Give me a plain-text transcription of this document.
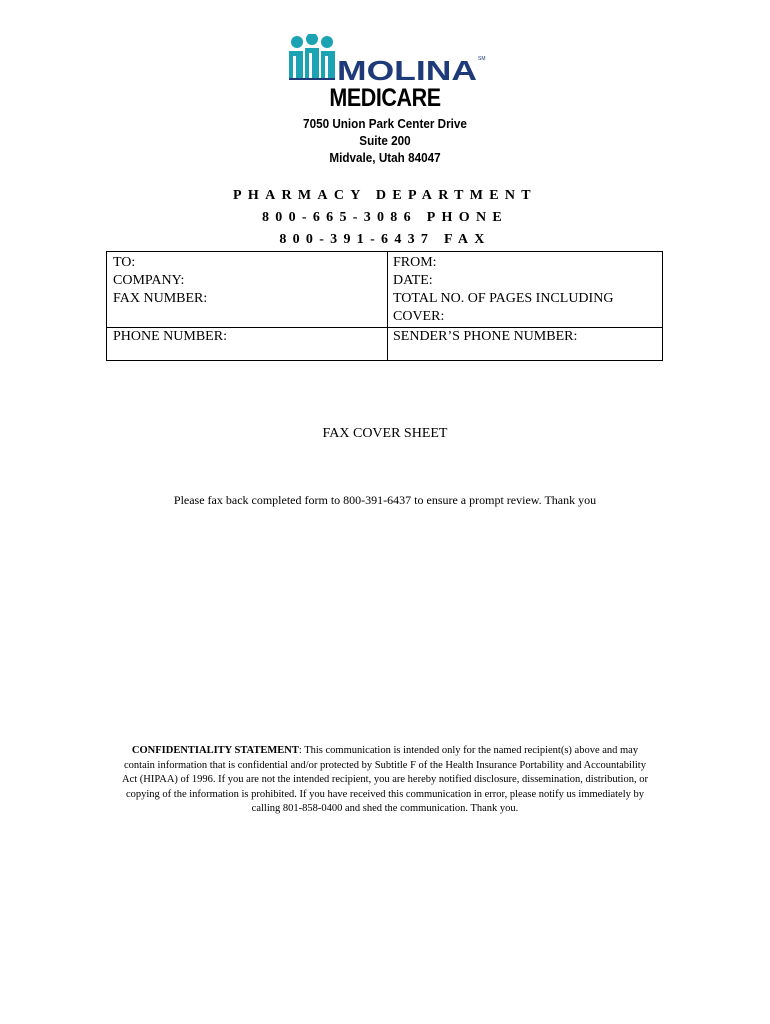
MOLINA SM
MEDICARE
7050 Union Park Center Drive
Suite 200
Midvale, Utah 84047
PHARMACY DEPARTMENT
800-665-3086 PHONE
800-391-6437 FAX
TO:
COMPANY:
FAX NUMBER:
PHONE NUMBER:
FROM:
DATE:
TOTAL NO. OF PAGES INCLUDING
COVER:
SENDER’S PHONE NUMBER:
FAX COVER SHEET
Please fax back completed form to 800-391-6437 to ensure a prompt review. Thank you
CONFIDENTIALITY STATEMENT: This communication is intended only for the named recipient(s) above and may contain information that is confidential and/or protected by Subtitle F of the Health Insurance Portability and Accountability Act (HIPAA) of 1996. If you are not the intended recipient, you are hereby notified disclosure, dissemination, distribution, or copying of the information is prohibited. If you have received this communication in error, please notify us immediately by calling 801-858-0400 and shed the communication. Thank you.
